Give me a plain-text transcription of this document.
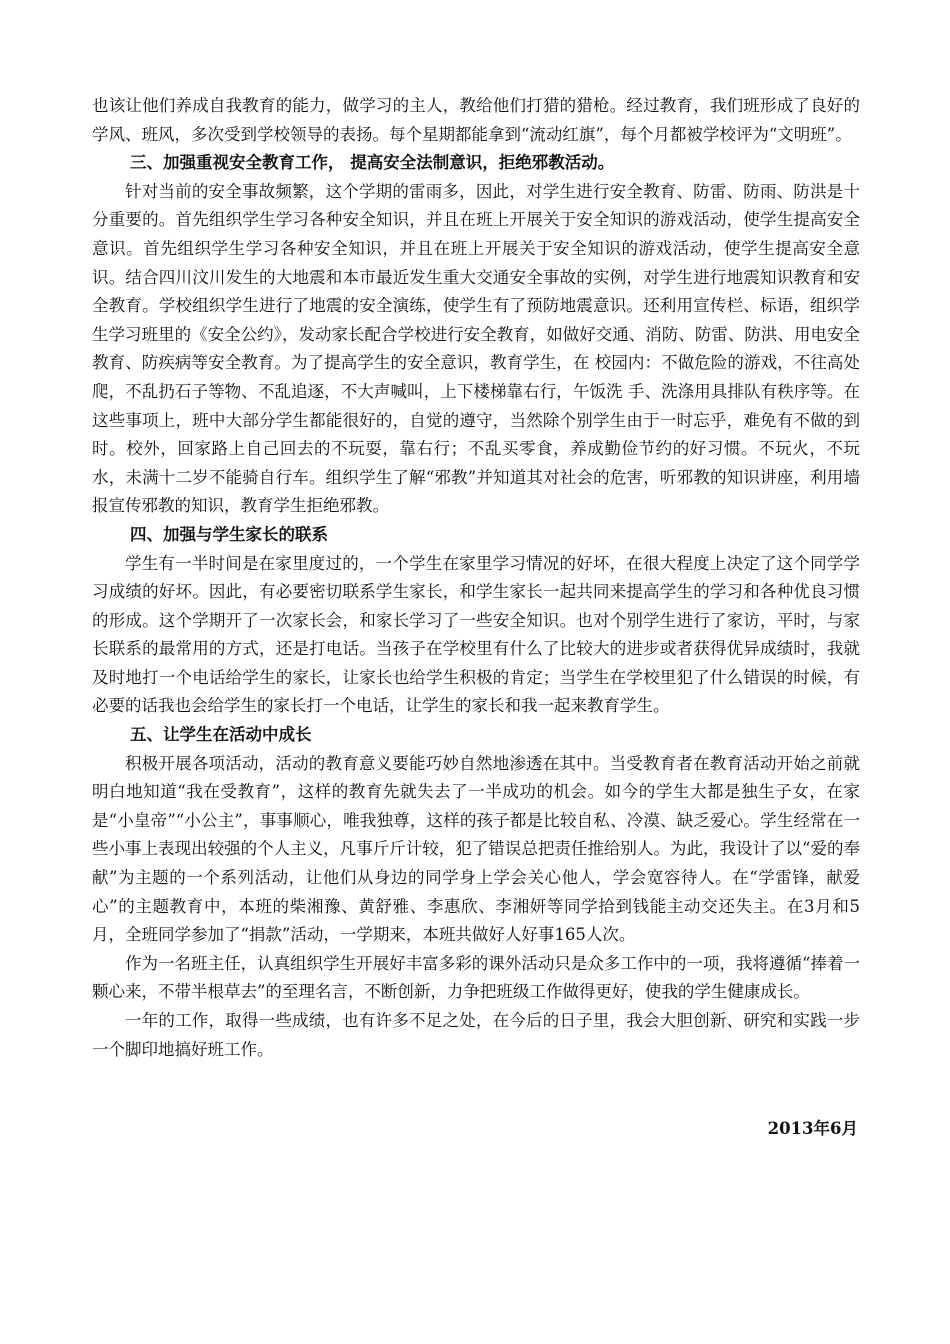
也该让他们养成自我教育的能力，做学习的主人，教给他们打猎的猎枪。经过教育，我们班形成了良好的学风、班风，多次受到学校领导的表扬。每个星期都能拿到“流动红旗”，每个月都被学校评为“文明班”。

三、加强重视安全教育工作， 提高安全法制意识，拒绝邪教活动。

针对当前的安全事故频繁，这个学期的雷雨多，因此，对学生进行安全教育、防雷、防雨、防洪是十分重要的。首先组织学生学习各种安全知识，并且在班上开展关于安全知识的游戏活动，使学生提高安全意识。首先组织学生学习各种安全知识，并且在班上开展关于安全知识的游戏活动，使学生提高安全意识。结合四川汶川发生的大地震和本市最近发生重大交通安全事故的实例，对学生进行地震知识教育和安全教育。学校组织学生进行了地震的安全演练，使学生有了预防地震意识。还利用宣传栏、标语，组织学生学习班里的《安全公约》，发动家长配合学校进行安全教育，如做好交通、消防、防雷、防洪、用电安全教育、防疾病等安全教育。为了提高学生的安全意识，教育学生，在 校园内：不做危险的游戏，不往高处爬，不乱扔石子等物、不乱追逐，不大声喊叫，上下楼梯靠右行，午饭洗 手、洗涤用具排队有秩序等。在这些事项上，班中大部分学生都能很好的，自觉的遵守，当然除个别学生由于一时忘乎，难免有不做的到时。校外，回家路上自己回去的不玩耍，靠右行；不乱买零食，养成勤俭节约的好习惯。不玩火，不玩水，未满十二岁不能骑自行车。组织学生了解“邪教”并知道其对社会的危害，听邪教的知识讲座，利用墙报宣传邪教的知识，教育学生拒绝邪教。

四、加强与学生家长的联系

学生有一半时间是在家里度过的，一个学生在家里学习情况的好坏，在很大程度上决定了这个同学学习成绩的好坏。因此，有必要密切联系学生家长，和学生家长一起共同来提高学生的学习和各种优良习惯的形成。这个学期开了一次家长会，和家长学习了一些安全知识。也对个别学生进行了家访，平时，与家长联系的最常用的方式，还是打电话。当孩子在学校里有什么了比较大的进步或者获得优异成绩时，我就及时地打一个电话给学生的家长，让家长也给学生积极的肯定；当学生在学校里犯了什么错误的时候，有必要的话我也会给学生的家长打一个电话，让学生的家长和我一起来教育学生。

五、让学生在活动中成长

积极开展各项活动，活动的教育意义要能巧妙自然地渗透在其中。当受教育者在教育活动开始之前就明白地知道“我在受教育”，这样的教育先就失去了一半成功的机会。如今的学生大都是独生子女，在家是“小皇帝”“小公主”，事事顺心，唯我独尊，这样的孩子都是比较自私、冷漠、缺乏爱心。学生经常在一些小事上表现出较强的个人主义，凡事斤斤计较，犯了错误总把责任推给别人。为此，我设计了以“爱的奉献”为主题的一个系列活动，让他们从身边的同学身上学会关心他人，学会宽容待人。在“学雷锋，献爱心”的主题教育中，本班的柴湘豫、黄舒雅、李惠欣、李湘妍等同学拾到钱能主动交还失主。在3月和5月，全班同学参加了“捐款”活动，一学期来，本班共做好人好事165人次。

作为一名班主任，认真组织学生开展好丰富多彩的课外活动只是众多工作中的一项，我将遵循“捧着一颗心来，不带半根草去”的至理名言，不断创新，力争把班级工作做得更好，使我的学生健康成长。

一年的工作，取得一些成绩，也有许多不足之处，在今后的日子里，我会大胆创新、研究和实践一步一个脚印地搞好班工作。

2013年6月
